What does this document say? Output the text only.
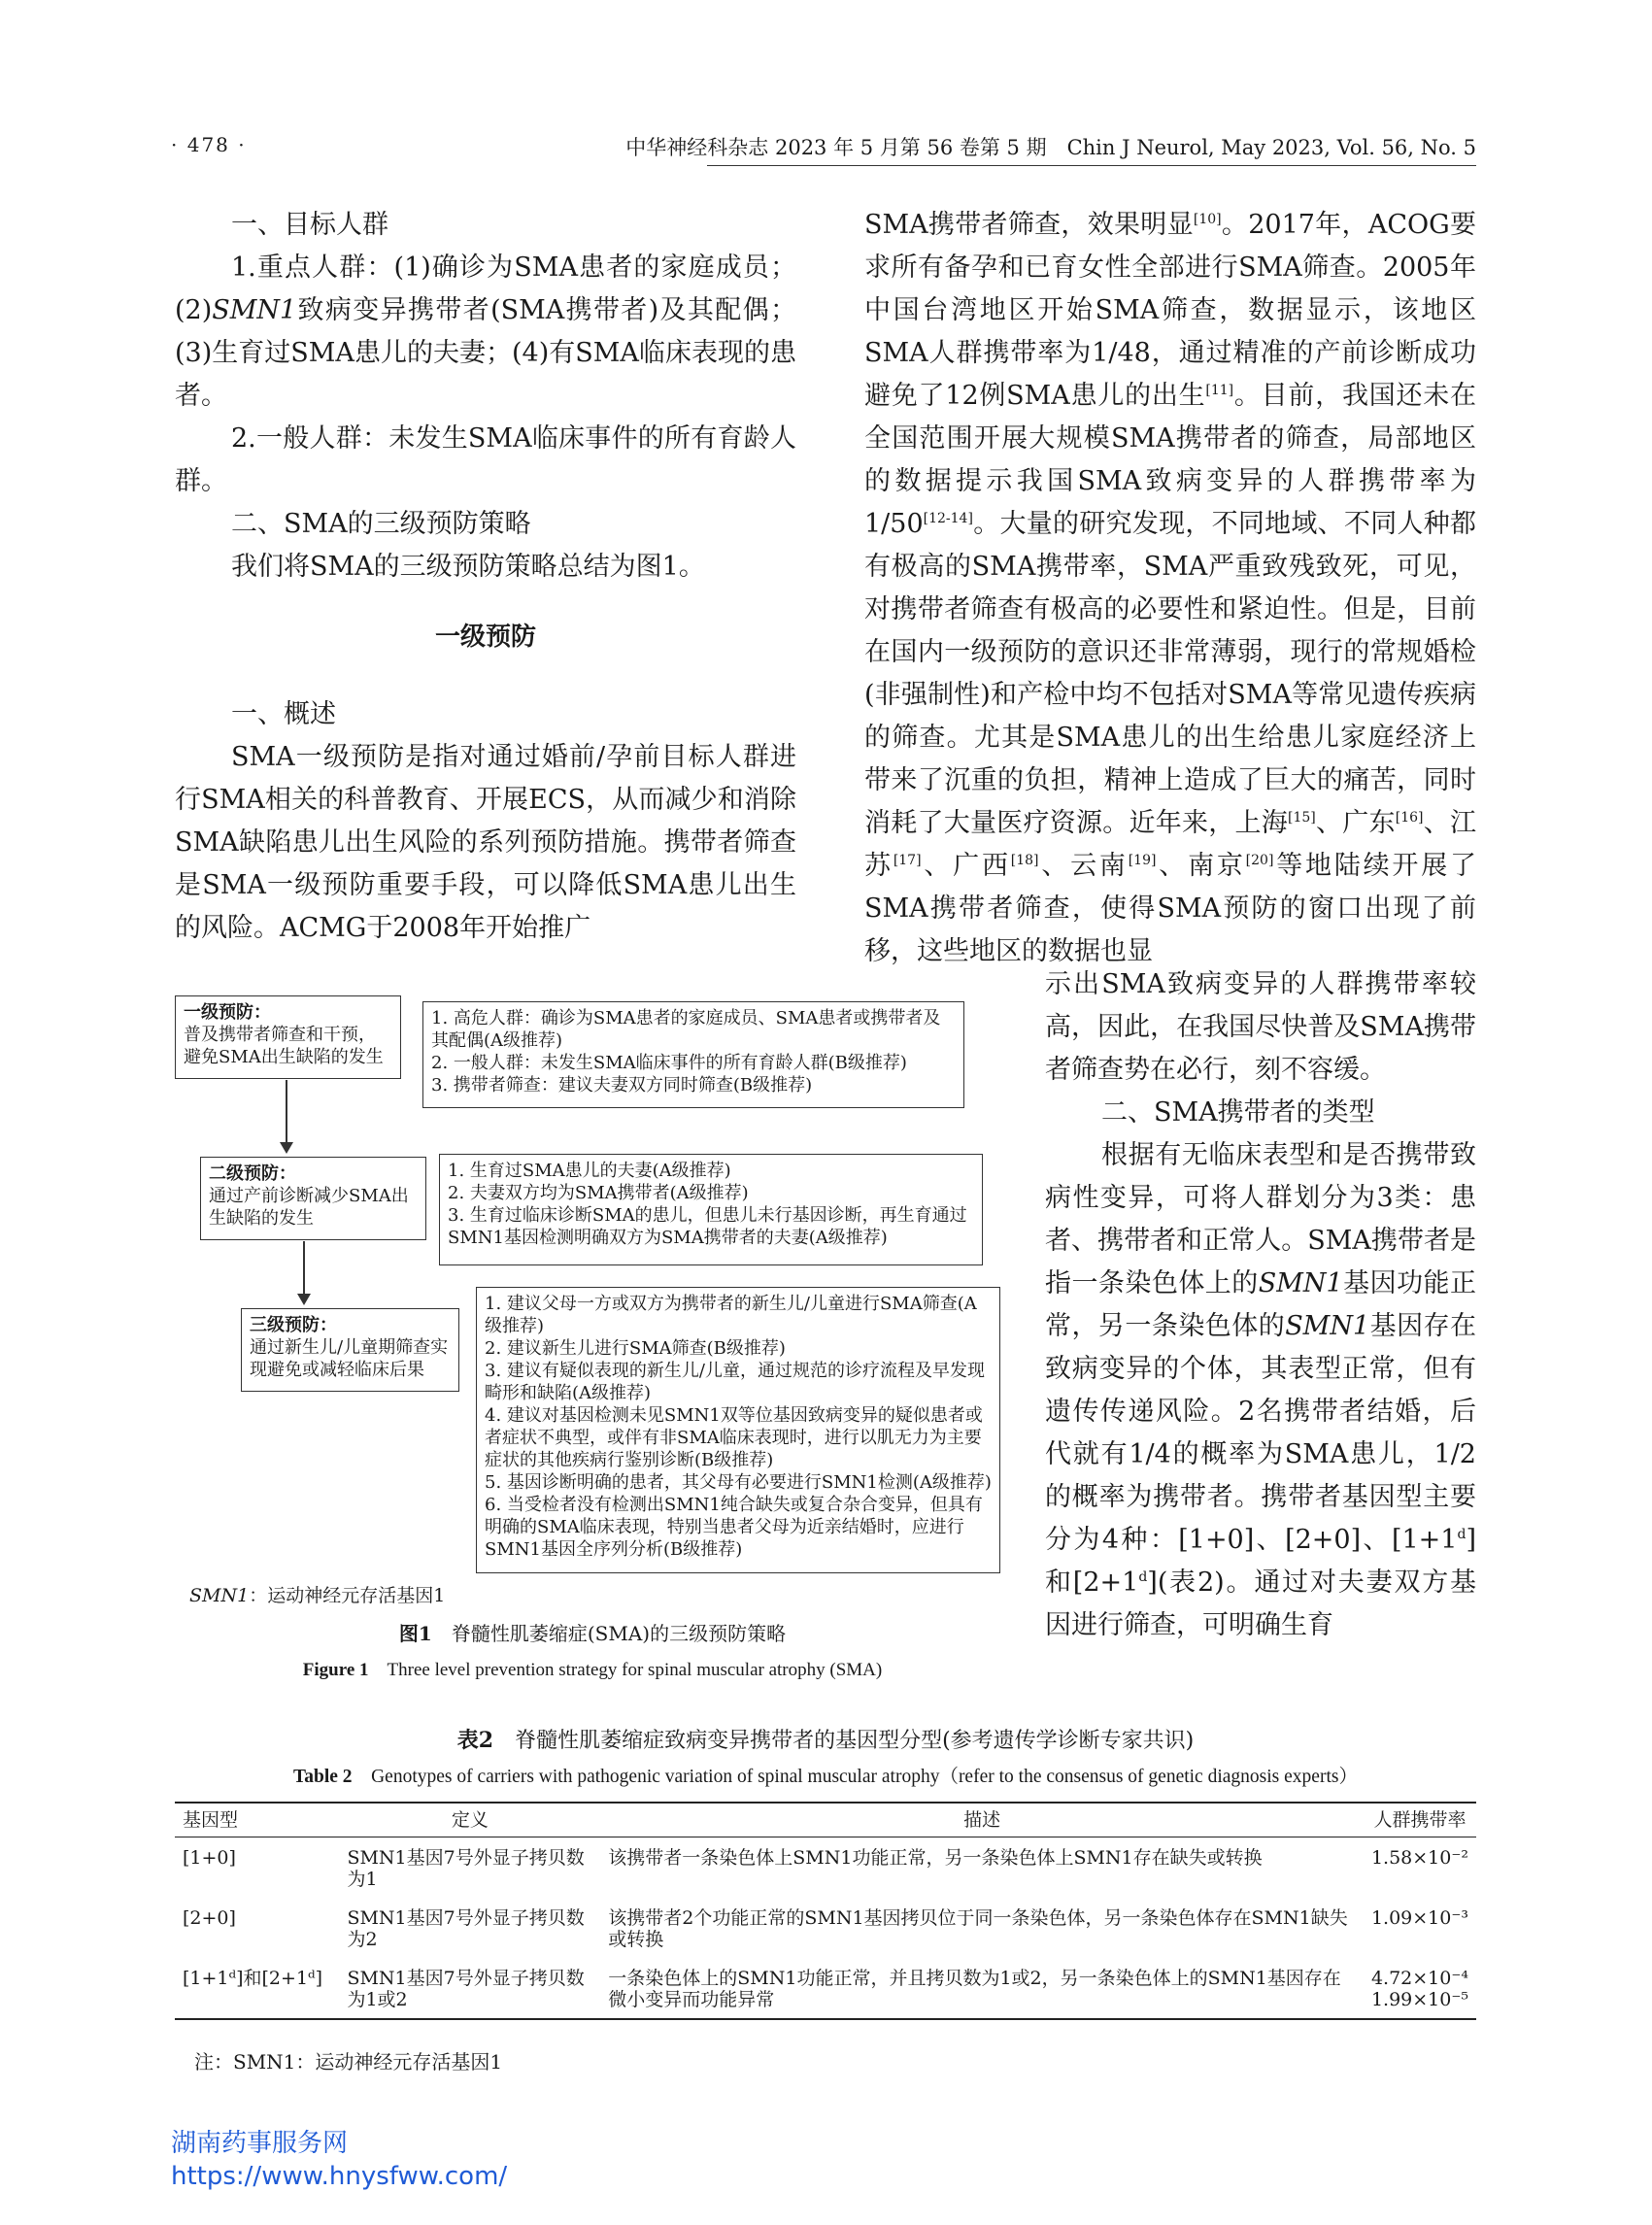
· 478 ·	中华神经科杂志 2023 年 5 月第 56 卷第 5 期　Chin J Neurol, May 2023, Vol. 56, No. 5

一、目标人群

1.重点人群：(1)确诊为SMA患者的家庭成员；(2)SMN1致病变异携带者(SMA携带者)及其配偶；(3)生育过SMA患儿的夫妻；(4)有SMA临床表现的患者。

2.一般人群：未发生SMA临床事件的所有育龄人群。

二、SMA的三级预防策略

我们将SMA的三级预防策略总结为图1。

一级预防

一、概述

SMA一级预防是指对通过婚前/孕前目标人群进行SMA相关的科普教育、开展ECS，从而减少和消除SMA缺陷患儿出生风险的系列预防措施。携带者筛查是SMA一级预防重要手段，可以降低SMA患儿出生的风险。ACMG于2008年开始推广

SMA携带者筛查，效果明显[10]。2017年，ACOG要求所有备孕和已育女性全部进行SMA筛查。2005年中国台湾地区开始SMA筛查，数据显示，该地区SMA人群携带率为1/48，通过精准的产前诊断成功避免了12例SMA患儿的出生[11]。目前，我国还未在全国范围开展大规模SMA携带者的筛查，局部地区的数据提示我国SMA致病变异的人群携带率为1/50[12-14]。大量的研究发现，不同地域、不同人种都有极高的SMA携带率，SMA严重致残致死，可见，对携带者筛查有极高的必要性和紧迫性。但是，目前在国内一级预防的意识还非常薄弱，现行的常规婚检(非强制性)和产检中均不包括对SMA等常见遗传疾病的筛查。尤其是SMA患儿的出生给患儿家庭经济上带来了沉重的负担，精神上造成了巨大的痛苦，同时消耗了大量医疗资源。近年来，上海[15]、广东[16]、江苏[17]、广西[18]、云南[19]、南京[20]等地陆续开展了SMA携带者筛查，使得SMA预防的窗口出现了前移，这些地区的数据也显

示出SMA致病变异的人群携带率较高，因此，在我国尽快普及SMA携带者筛查势在必行，刻不容缓。

二、SMA携带者的类型

根据有无临床表型和是否携带致病性变异，可将人群划分为3类：患者、携带者和正常人。SMA携带者是指一条染色体上的SMN1基因功能正常，另一条染色体的SMN1基因存在致病变异的个体，其表型正常，但有遗传传递风险。2名携带者结婚，后代就有1/4的概率为SMA患儿，1/2的概率为携带者。携带者基因型主要分为4种：[1+0]、[2+0]、$[1+1^d]$和$[2+1^d]$(表2)。通过对夫妻双方基因进行筛查，可明确生育

一级预防：
普及携带者筛查和干预，避免SMA出生缺陷的发生
1. 高危人群：确诊为SMA患者的家庭成员、SMA患者或携带者及其配偶(A级推荐)
2. 一般人群：未发生SMA临床事件的所有育龄人群(B级推荐)
3. 携带者筛查：建议夫妻双方同时筛查(B级推荐)
二级预防：
通过产前诊断减少SMA出生缺陷的发生
1. 生育过SMA患儿的夫妻(A级推荐)
2. 夫妻双方均为SMA携带者(A级推荐)
3. 生育过临床诊断SMA的患儿，但患儿未行基因诊断，再生育通过SMN1基因检测明确双方为SMA携带者的夫妻(A级推荐)
三级预防：
通过新生儿/儿童期筛查实现避免或减轻临床后果
1. 建议父母一方或双方为携带者的新生儿/儿童进行SMA筛查(A级推荐)
2. 建议新生儿进行SMA筛查(B级推荐)
3. 建议有疑似表现的新生儿/儿童，通过规范的诊疗流程及早发现畸形和缺陷(A级推荐)
4. 建议对基因检测未见SMN1双等位基因致病变异的疑似患者或者症状不典型，或伴有非SMA临床表现时，进行以肌无力为主要症状的其他疾病行鉴别诊断(B级推荐)
5. 基因诊断明确的患者，其父母有必要进行SMN1检测(A级推荐)
6. 当受检者没有检测出SMN1纯合缺失或复合杂合变异，但具有明确的SMA临床表现，特别当患者父母为近亲结婚时，应进行SMN1基因全序列分析(B级推荐)
SMN1：运动神经元存活基因1
图1　 脊髓性肌萎缩症(SMA)的三级预防策略
Figure 1　 Three level prevention strategy for spinal muscular atrophy (SMA)
表2　 脊髓性肌萎缩症致病变异携带者的基因型分型(参考遗传学诊断专家共识)
Table 2　 Genotypes of carriers with pathogenic variation of spinal muscular atrophy（refer to the consensus of genetic diagnosis experts）
基因型	定义	描述	人群携带率
[1+0]	SMN1基因7号外显子拷贝数为1	该携带者一条染色体上SMN1功能正常，另一条染色体上SMN1存在缺失或转换	1.58×10⁻²
[2+0]	SMN1基因7号外显子拷贝数为2	该携带者2个功能正常的SMN1基因拷贝位于同一条染色体，另一条染色体存在SMN1缺失或转换	1.09×10⁻³
[1+1ᵈ]和[2+1ᵈ]	SMN1基因7号外显子拷贝数为1或2	一条染色体上的SMN1功能正常，并且拷贝数为1或2，另一条染色体上的SMN1基因存在微小变异而功能异常	4.72×10⁻⁴
1.99×10⁻⁵
注：SMN1：运动神经元存活基因1
湖南药事服务网
https://www.hnysfww.com/
